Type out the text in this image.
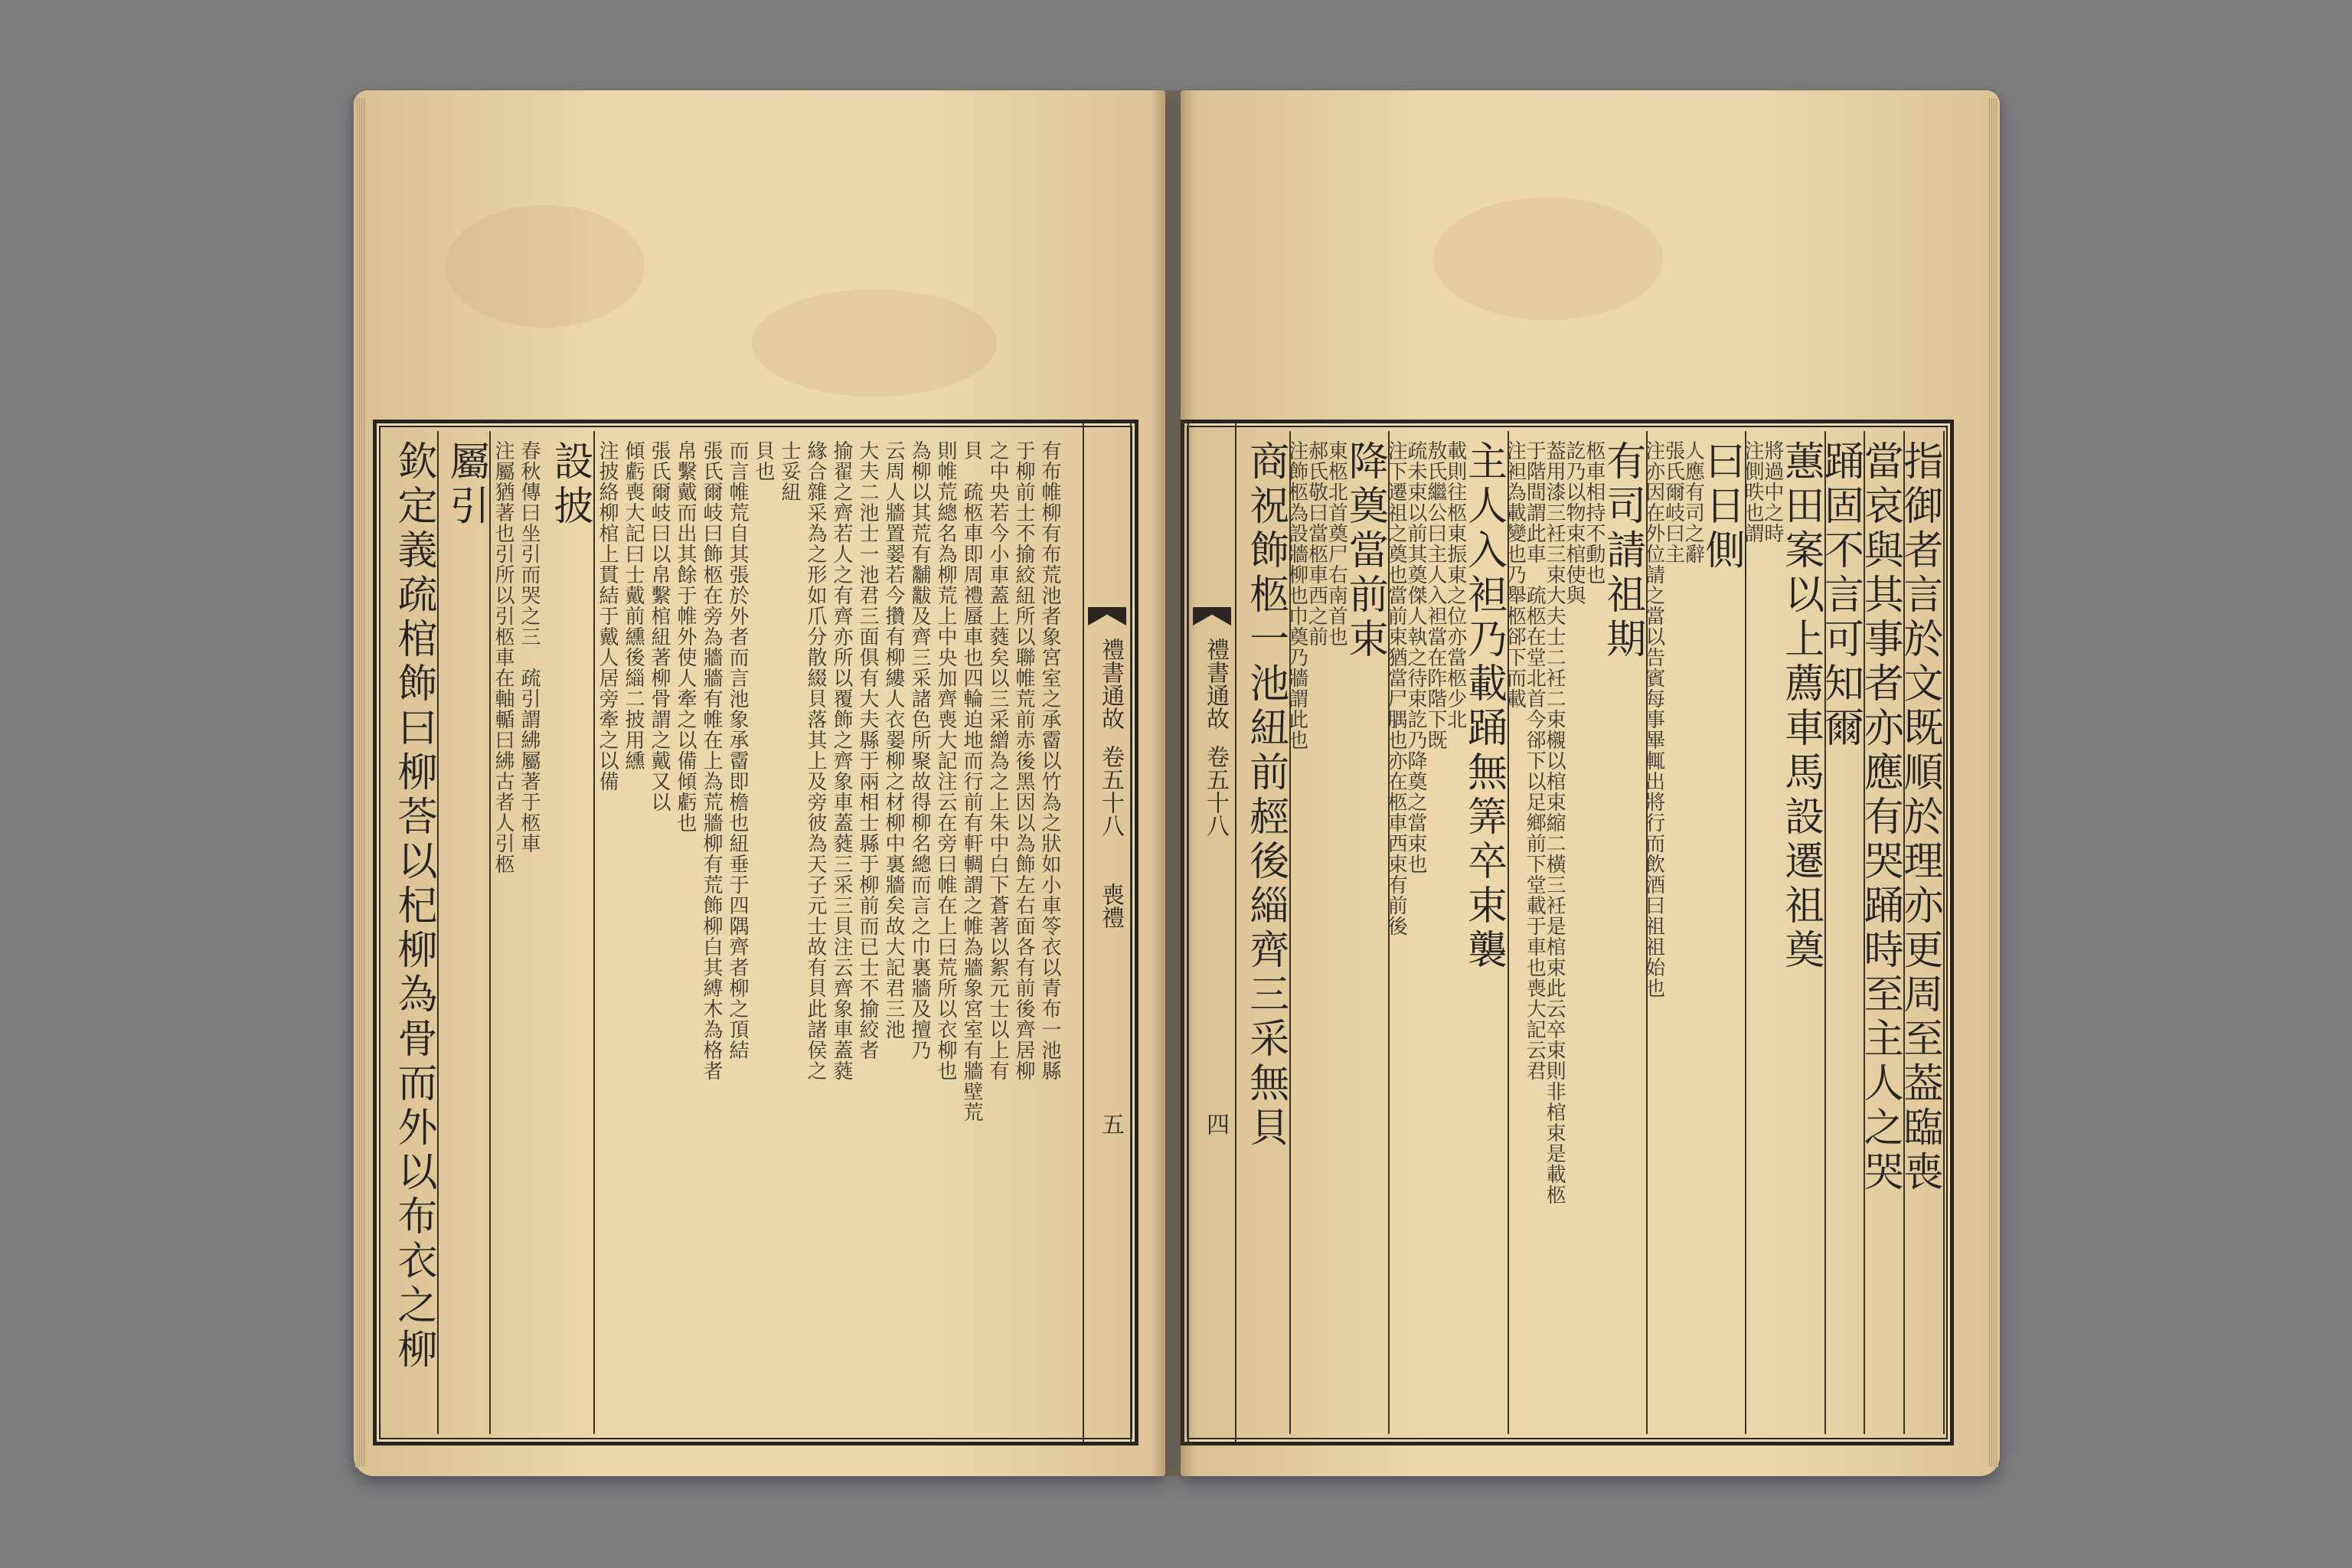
欽定義疏棺飾曰柳荅以杞柳為骨而外以布衣之柳 屬引 注屬猶著也引所以引柩車在軸輴曰紼古者人引柩 春秋傳曰坐引而哭之三　疏引謂紼屬著于柩車 設披 注披絡柳棺上貫結于戴人居旁牽之以備 傾虧喪大記曰士戴前纁後緇二披用纁 張氏爾岐曰以帛繫棺紐著柳骨謂之戴又以 帛繫戴而出其餘于帷外使人牽之以備傾虧也 張氏爾岐曰飾柩在旁為牆牆有帷在上為荒牆柳有荒飾柳白其縛木為格者 而言帷荒自其張於外者而言池象承霤即檐也紐垂于四隅齊者柳之頂結 貝也 士妥紐 緣合雜采為之形如爪分散綴貝落其上及旁彼為天子元士故有貝此諸侯之 揄翟之齊若人之有齊亦所以覆飾之齊象車蓋蕤三采三貝注云齊象車蓋蕤 大夫二池士一池君三面俱有大夫縣于兩相士縣于柳前而已士不揄絞者 云周人牆置翣若今攢有柳縷人衣翣柳之材柳中裏牆矣故大記君三池 為柳以其荒有黼黻及齊三采諸色所聚故得柳名總而言之巾裏牆及擅乃 則帷荒總名為柳荒上中央加齊喪大記注云在旁曰帷在上曰荒所以衣柳也 貝　疏柩車即周禮蜃車也四輪迫地而行前有軒輖謂之帷為牆象宮室有牆壁荒 之中央若今小車蓋上蕤矣以三采繒為之上朱中白下蒼著以絮元士以上有 于柳前士不揄絞紐所以聯帷荒前赤後黑因以為飾左右面各有前後齊居柳 有布帷柳有布荒池者象宮室之承霤以竹為之狀如小車笭衣以青布一池縣 禮書通故
卷五十八
喪禮
五	商祝飾柩一池紐前䞓後緇齊三采無貝
注飾柩為設牆柳也巾奠乃牆謂此也
郝氏敬曰當柩車西之前
東柩北首奠尸右南首也
降奠當前束
注下遷祖之奠也當前束猶當尸腢也亦在柩車西束有前後
疏未束以前其奠傑人執之待束訖乃降奠之當束也
敖氏繼公曰主人入袒當在阼階下既
載則往柩東振東之位亦當柩少北
主人入袒乃載踊無筭卒束襲
注袒為載變也乃舉柩郤下而載
于階間謂此車　疏柩在堂北首今郤下以足鄉前下堂載于車也喪大記云君
葢用漆三衽三束大夫士二衽二束櫬以棺束縮二橫三衽是棺束此云卒束則非棺束是載柩
訖乃以物束棺使與
柩車相持不動也
有司請祖期
注亦因在外位請之當以告賓每事畢輒出將行而飲酒曰祖祖始也
張氏爾岐曰主
人應有司之辭
曰日側
注側昳也謂
將過中之時
蕙田案以上薦車馬設遷祖奠
踊固不言可知爾
當哀與其事者亦應有哭踊時至主人之哭
指御者言於文既順於理亦更周至葢臨喪
禮書通故
卷五十八
四
